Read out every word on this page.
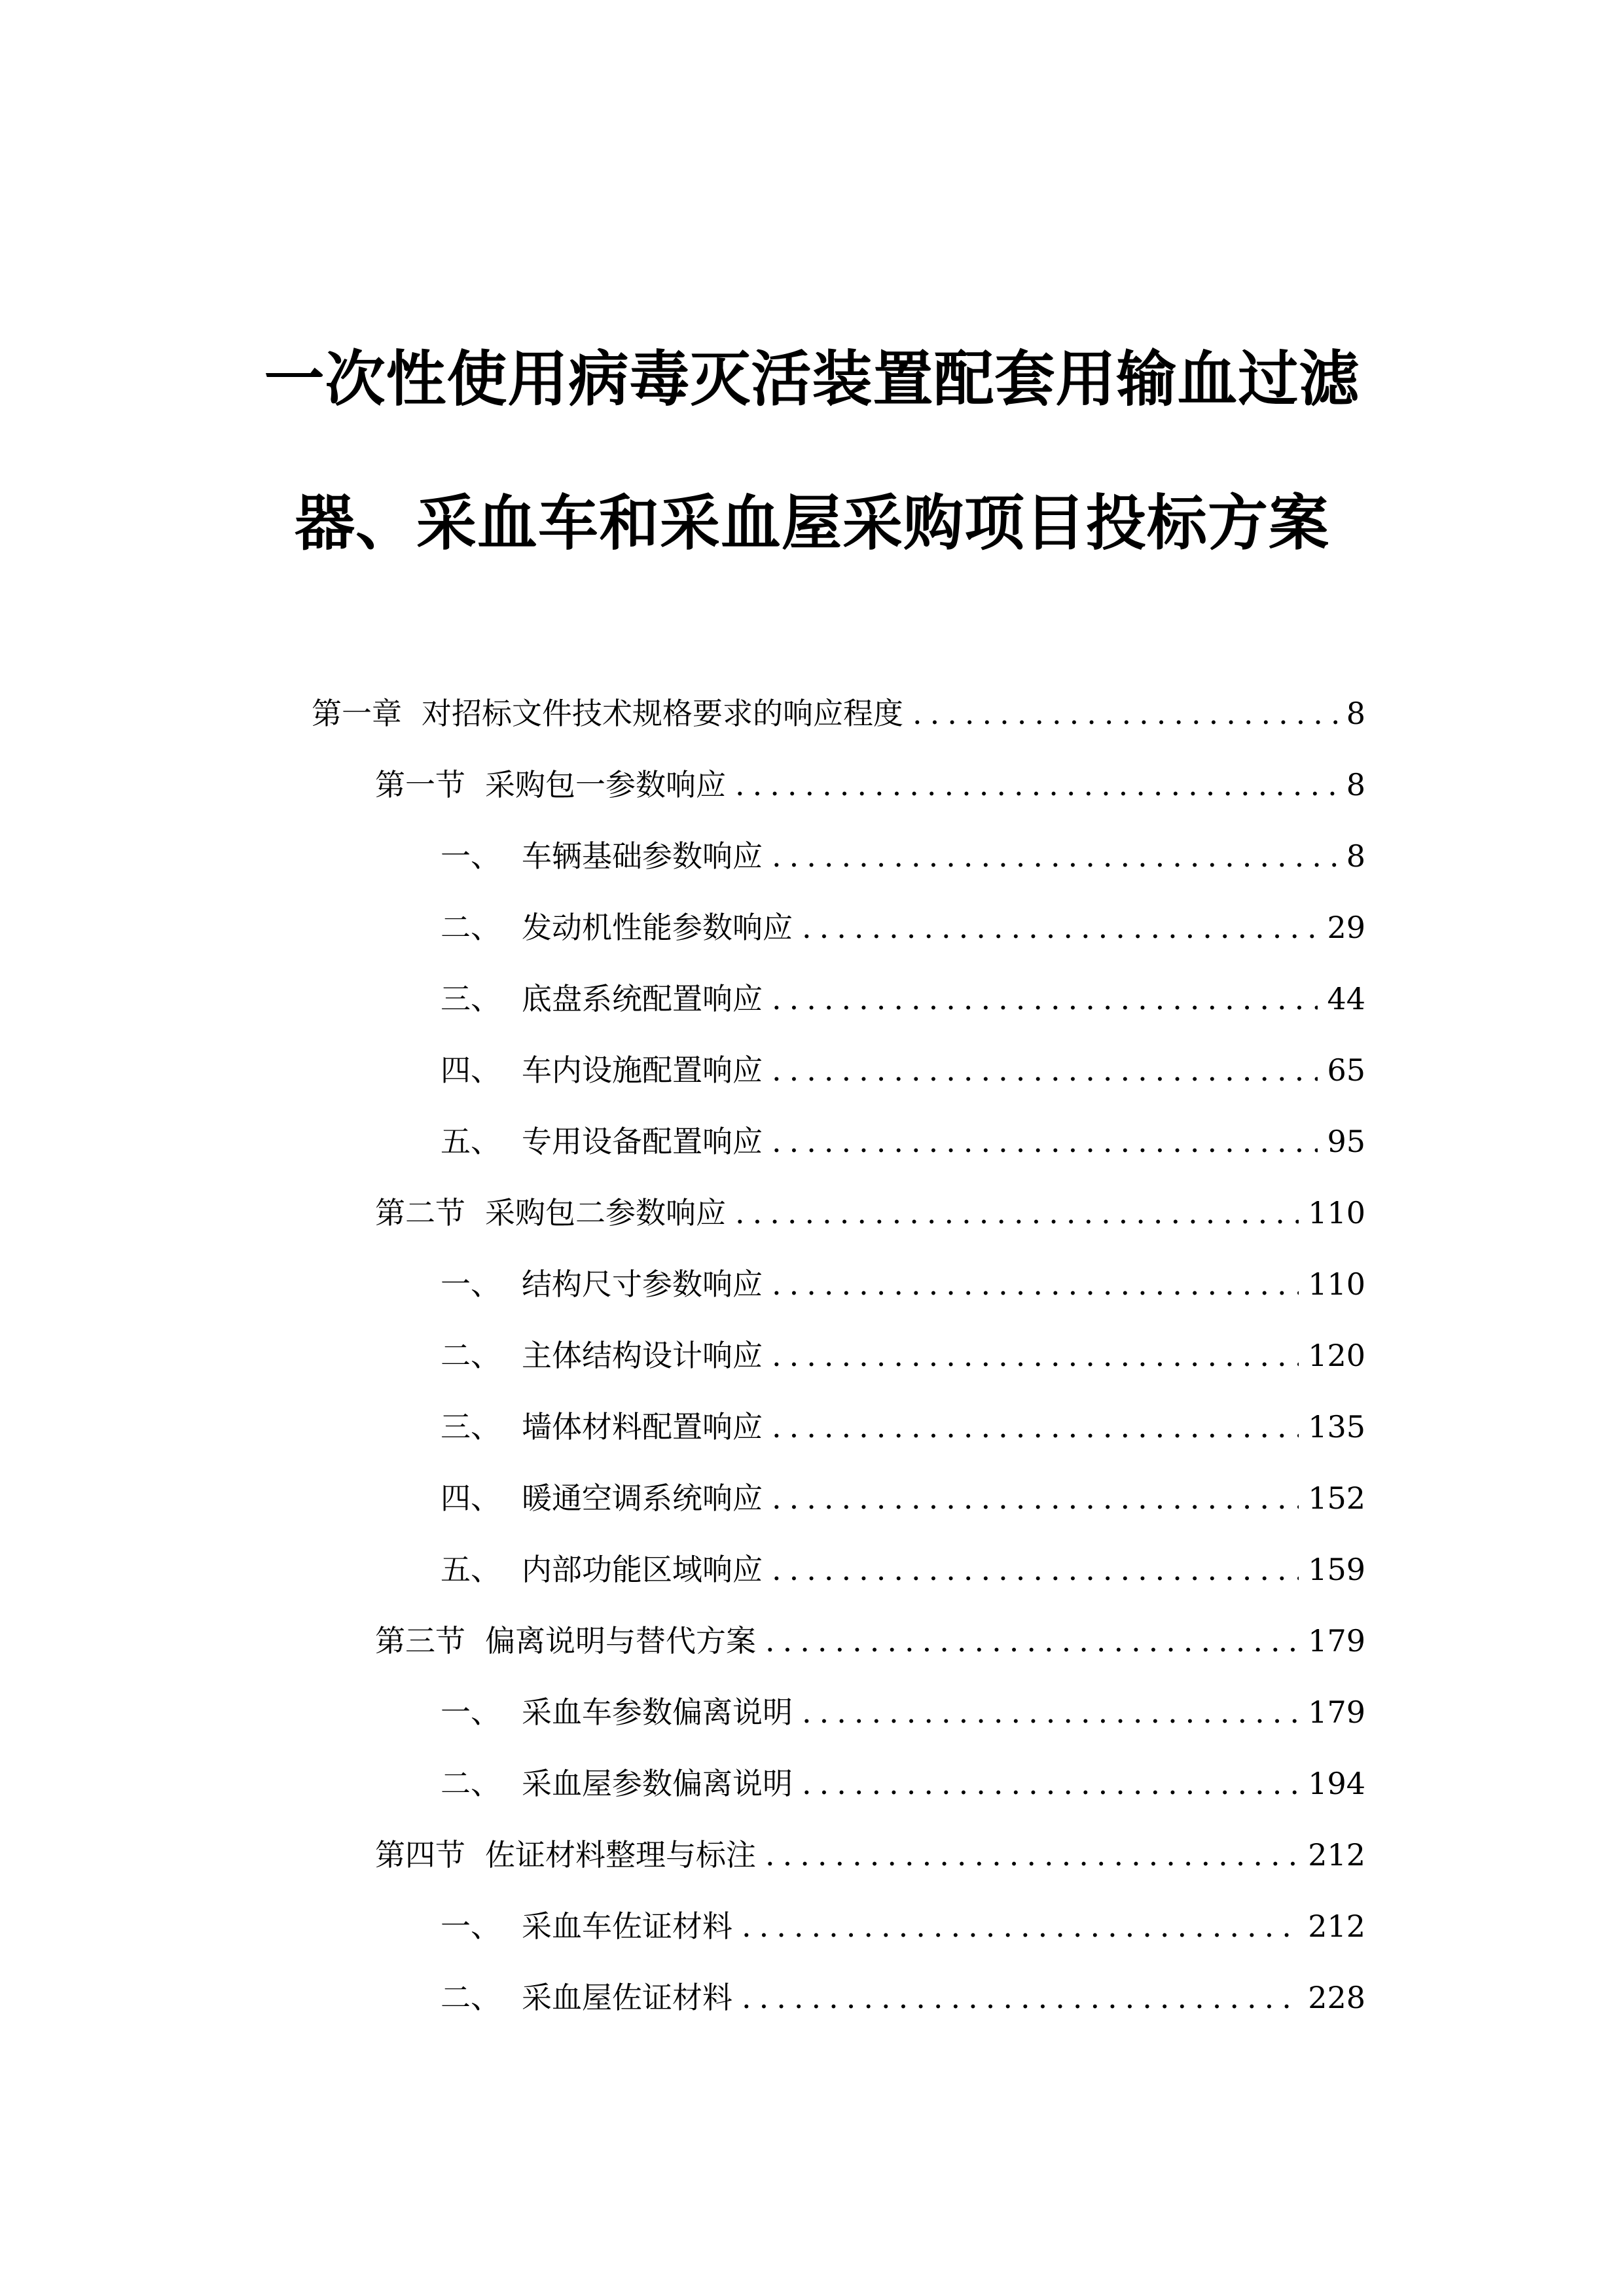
一次性使用病毒灭活装置配套用输血过滤
器、采血车和采血屋采购项目投标方案
第一章 对招标文件技术规格要求的响应程度 .....	8
第一节 采购包一参数响应 .....	8
一、 车辆基础参数响应 .....	8
二、 发动机性能参数响应 .....	29
三、 底盘系统配置响应 .....	44
四、 车内设施配置响应 .....	65
五、 专用设备配置响应 .....	95
第二节 采购包二参数响应 .....	110
一、 结构尺寸参数响应 .....	110
二、 主体结构设计响应 .....	120
三、 墙体材料配置响应 .....	135
四、 暖通空调系统响应 .....	152
五、 内部功能区域响应 .....	159
第三节 偏离说明与替代方案 .....	179
一、 采血车参数偏离说明 .....	179
二、 采血屋参数偏离说明 .....	194
第四节 佐证材料整理与标注 .....	212
一、 采血车佐证材料 .....	212
二、 采血屋佐证材料 .....	228
